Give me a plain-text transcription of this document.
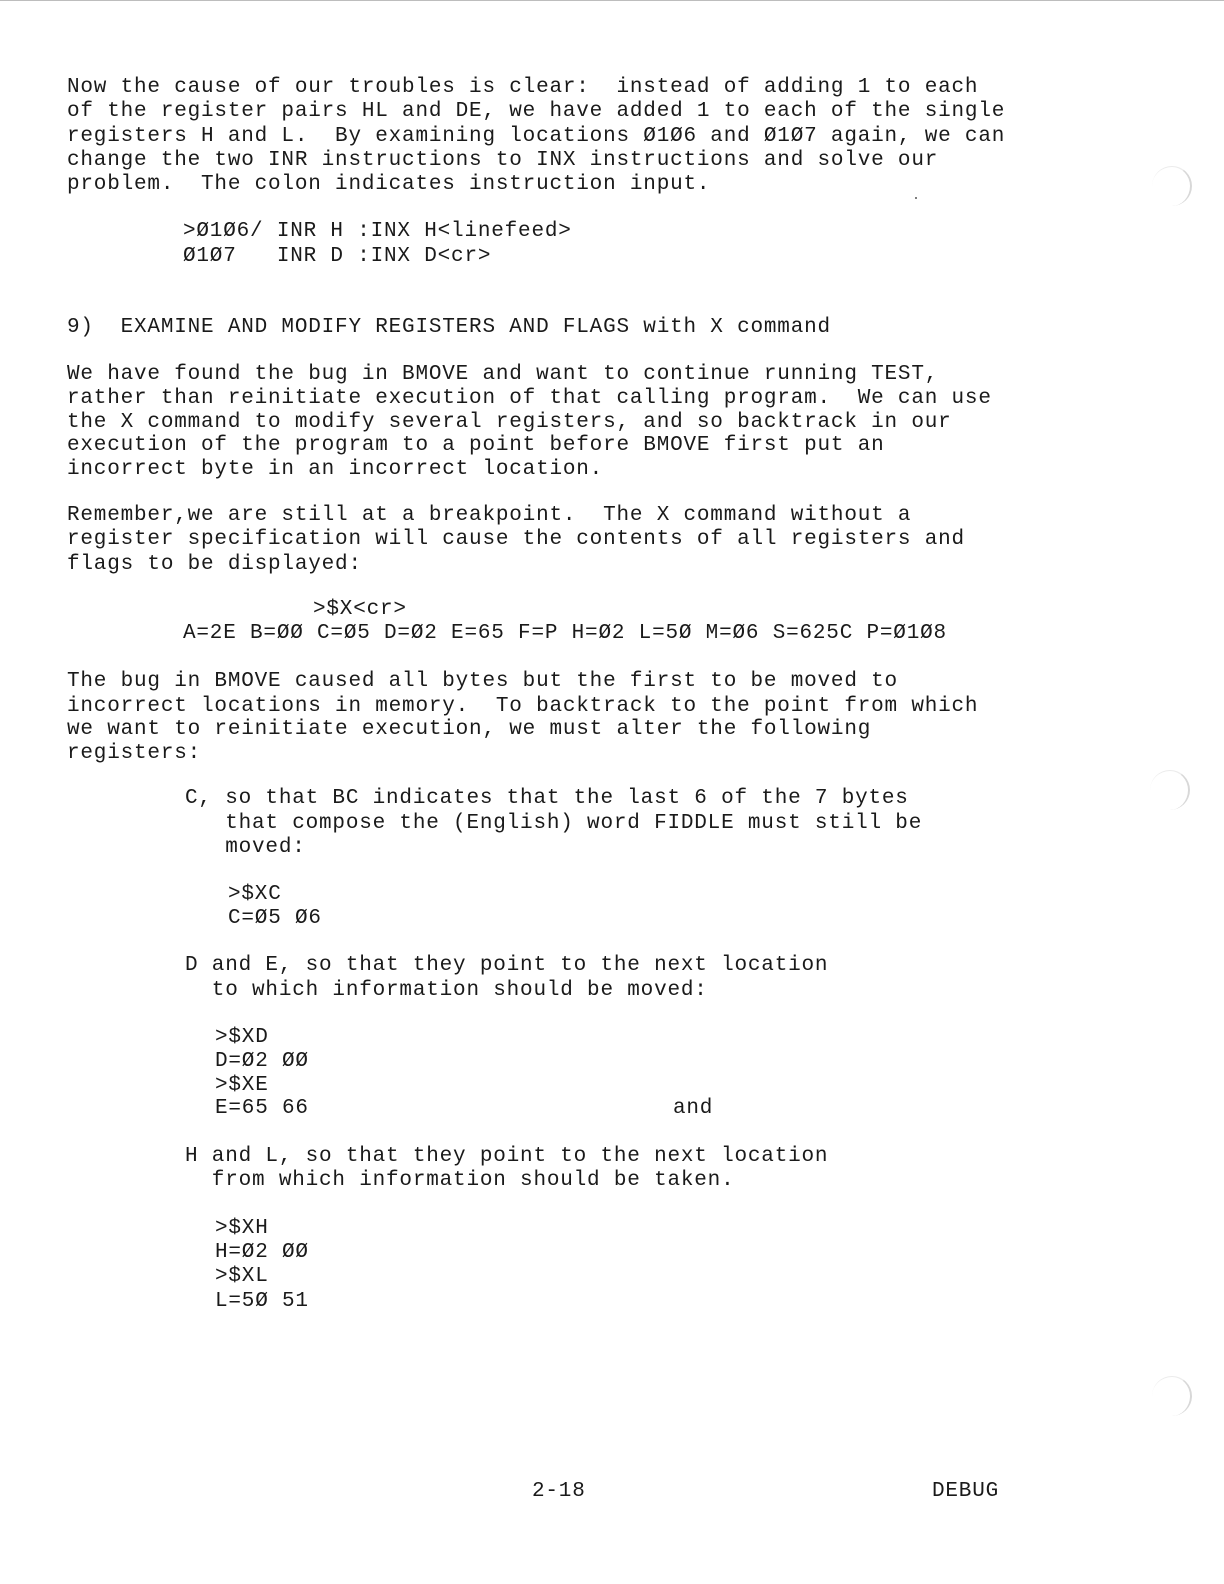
Now the cause of our troubles is clear:  instead of adding 1 to each

of the register pairs HL and DE, we have added 1 to each of the single

registers H and L.  By examining locations Ø1Ø6 and Ø1Ø7 again, we can

change the two INR instructions to INX instructions and solve our

problem.  The colon indicates instruction input.

>Ø1Ø6/ INR H :INX H<linefeed>

Ø1Ø7   INR D :INX D<cr>

9)  EXAMINE AND MODIFY REGISTERS AND FLAGS with X command

We have found the bug in BMOVE and want to continue running TEST,

rather than reinitiate execution of that calling program.  We can use

the X command to modify several registers, and so backtrack in our

execution of the program to a point before BMOVE first put an

incorrect byte in an incorrect location.

Remember,we are still at a breakpoint.  The X command without a

register specification will cause the contents of all registers and

flags to be displayed:

>$X<cr>

A=2E B=ØØ C=Ø5 D=Ø2 E=65 F=P H=Ø2 L=5Ø M=Ø6 S=625C P=Ø1Ø8

The bug in BMOVE caused all bytes but the first to be moved to

incorrect locations in memory.  To backtrack to the point from which

we want to reinitiate execution, we must alter the following

registers:

C, so that BC indicates that the last 6 of the 7 bytes

that compose the (English) word FIDDLE must still be

moved:

>$XC

C=Ø5 Ø6

D and E, so that they point to the next location

to which information should be moved:

>$XD

D=Ø2 ØØ

>$XE

E=65 66	and

H and L, so that they point to the next location

from which information should be taken.

>$XH

H=Ø2 ØØ

>$XL

L=5Ø 51

2-18	DEBUG
